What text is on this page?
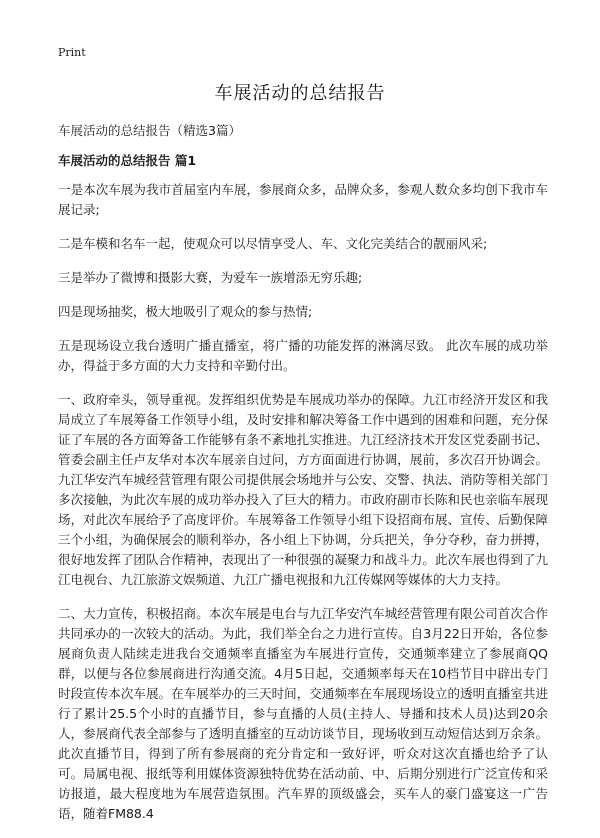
Print
车展活动的总结报告

车展活动的总结报告（精选3篇）

车展活动的总结报告 篇1

一是本次车展为我市首届室内车展，参展商众多，品牌众多，参观人数众多均创下我市车展记录;

二是车模和名车一起，使观众可以尽情享受人、车、文化完美结合的靓丽风采;

三是举办了微博和摄影大赛，为爱车一族增添无穷乐趣;

四是现场抽奖，极大地吸引了观众的参与热情;

五是现场设立我台透明广播直播室，将广播的功能发挥的淋漓尽致。 此次车展的成功举办，得益于多方面的大力支持和辛勤付出。

一、政府牵头，领导重视。发挥组织优势是车展成功举办的保障。九江市经济开发区和我局成立了车展筹备工作领导小组，及时安排和解决筹备工作中遇到的困难和问题，充分保证了车展的各方面筹备工作能够有条不紊地扎实推进。九江经济技术开发区党委副书记、管委会副主任卢友华对本次车展亲自过问，方方面面进行协调，展前，多次召开协调会。九江华安汽车城经营管理有限公司提供展会场地并与公安、交警、执法、消防等相关部门多次接触，为此次车展的成功举办投入了巨大的精力。市政府副市长陈和民也亲临车展现场，对此次车展给予了高度评价。车展筹备工作领导小组下设招商布展、宣传、后勤保障三个小组，为确保展会的顺利举办，各小组上下协调，分兵把关，争分夺秒，奋力拼搏，很好地发挥了团队合作精神，表现出了一种很强的凝聚力和战斗力。此次车展也得到了九江电视台、九江旅游文娱频道、九江广播电视报和九江传媒网等媒体的大力支持。

二、大力宣传，积极招商。本次车展是电台与九江华安汽车城经营管理有限公司首次合作共同承办的一次较大的活动。为此，我们举全台之力进行宣传。自3月22日开始，各位参展商负责人陆续走进我台交通频率直播室为车展进行宣传，交通频率建立了参展商QQ群，以便与各位参展商进行沟通交流。4月5日起，交通频率每天在10档节目中辟出专门时段宣传本次车展。在车展举办的三天时间，交通频率在车展现场设立的透明直播室共进行了累计25.5个小时的直播节目，参与直播的人员(主持人、导播和技术人员)达到20余人，参展商代表全部参与了透明直播室的互动访谈节目，现场收到互动短信达到万余条。此次直播节目，得到了所有参展商的充分肯定和一致好评，听众对这次直播也给予了认可。局属电视、报纸等利用媒体资源独特优势在活动前、中、后期分别进行广泛宣传和采访报道，最大程度地为车展营造氛围。汽车界的顶级盛会，买车人的豪门盛宴这一广告语，随着FM88.4
